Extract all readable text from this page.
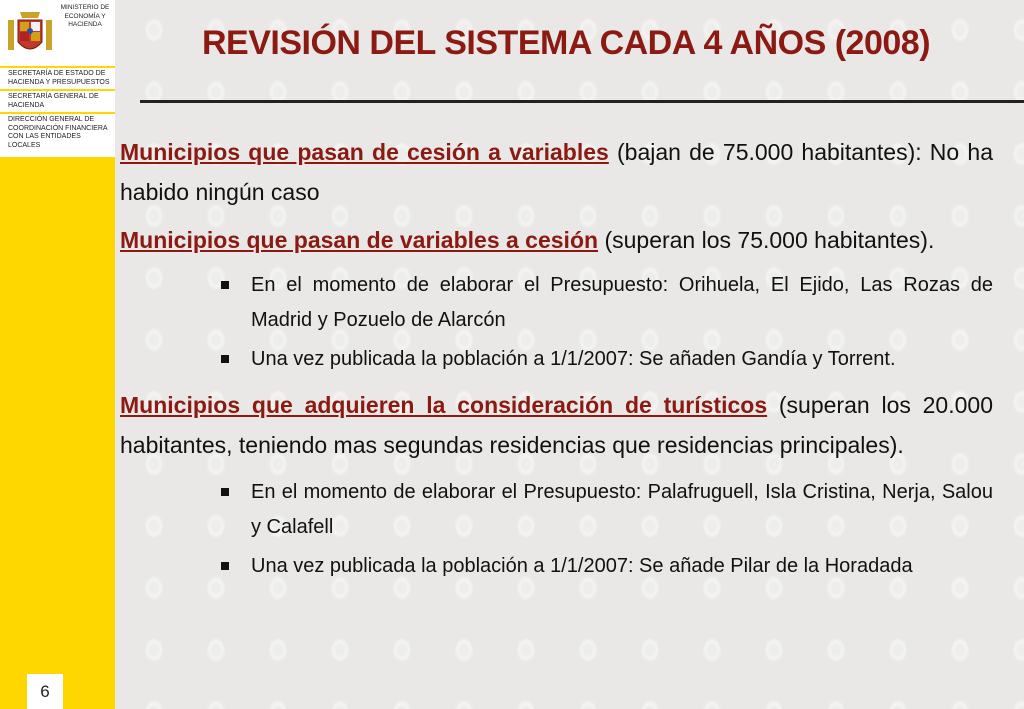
MINISTERIO DE ECONOMÍA Y HACIENDA
SECRETARÍA DE ESTADO DE HACIENDA Y PRESUPUESTOS
SECRETARÍA GENERAL DE HACIENDA
DIRECCIÓN GENERAL DE COORDINACIÓN FINANCIERA CON LAS ENTIDADES LOCALES
6
REVISIÓN DEL SISTEMA CADA 4 AÑOS (2008)

Municipios que pasan de cesión a variables (bajan de 75.000 habitantes): No ha habido ningún caso

Municipios que pasan de variables a cesión (superan los 75.000 habitantes).

En el momento de elaborar el Presupuesto: Orihuela, El Ejido, Las Rozas de Madrid y Pozuelo de Alarcón

Una vez publicada la población a 1/1/2007: Se añaden Gandía y Torrent.

Municipios que adquieren la consideración de turísticos (superan los 20.000 habitantes, teniendo mas segundas residencias que residencias principales).

En el momento de elaborar el Presupuesto: Palafruguell, Isla Cristina, Nerja, Salou y Calafell

Una vez publicada la población a 1/1/2007: Se añade Pilar de la Horadada
